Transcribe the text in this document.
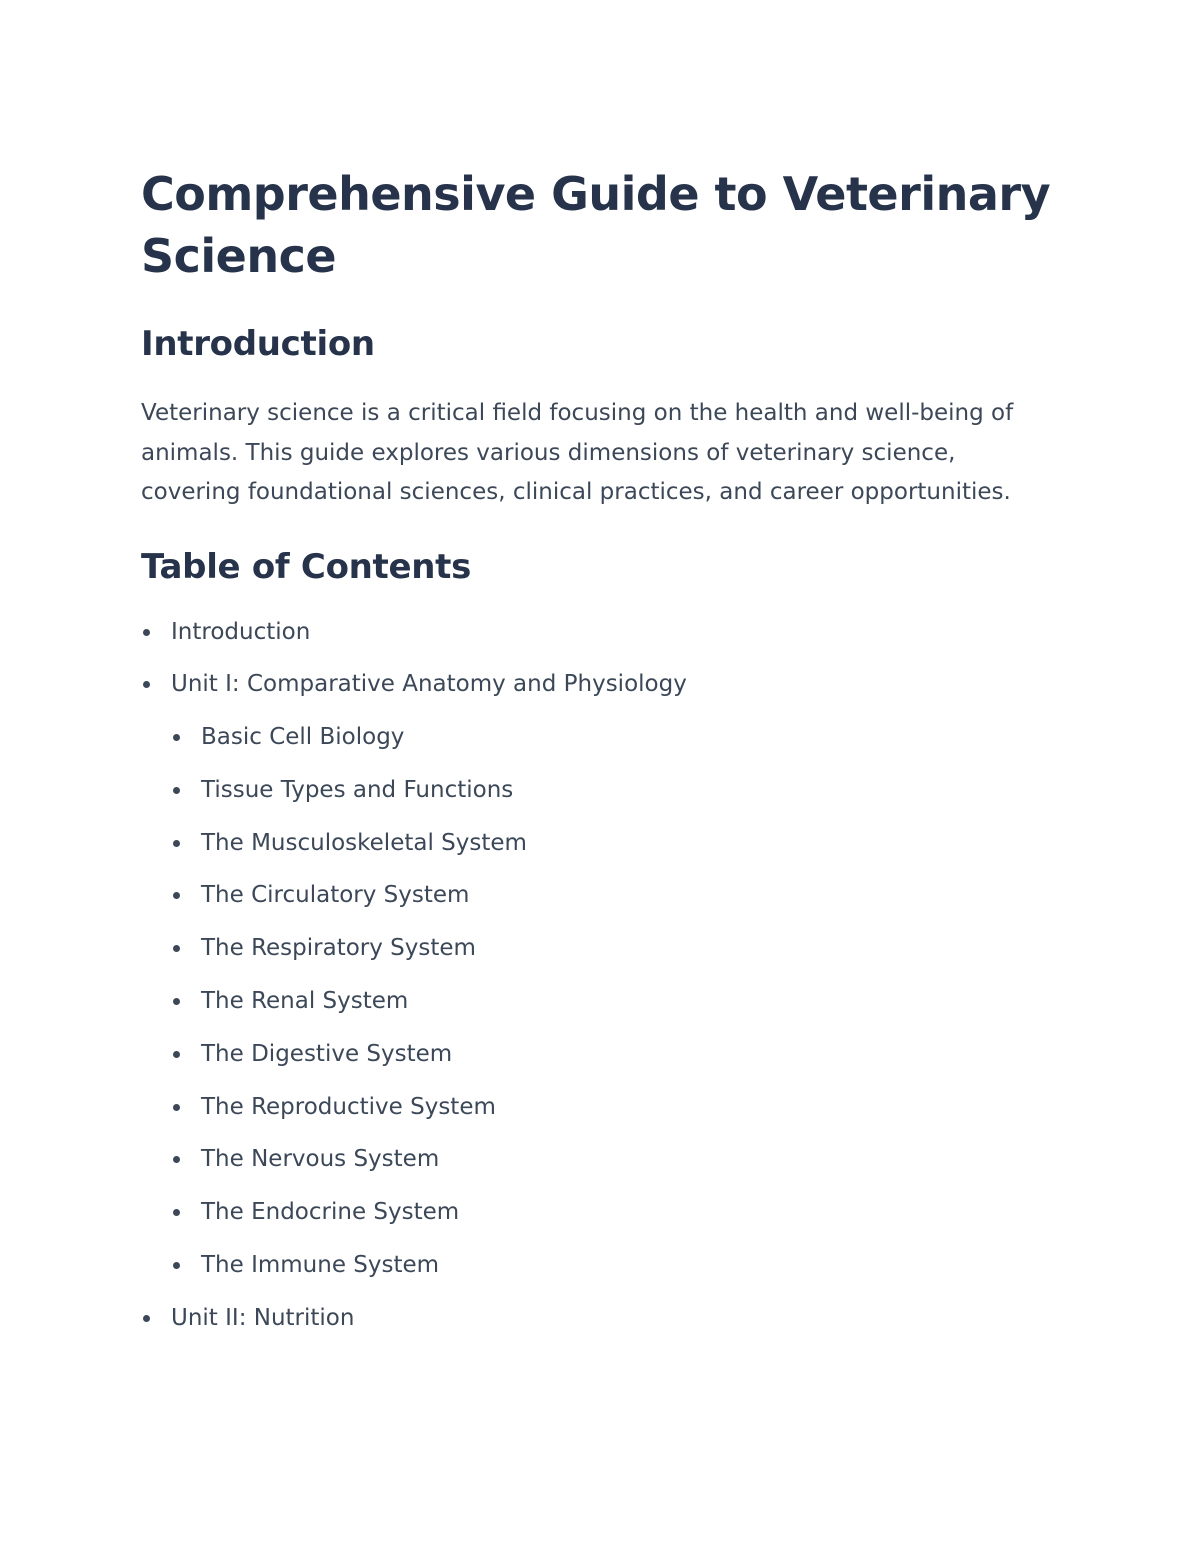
Comprehensive Guide to Veterinary Science
Introduction

Veterinary science is a critical field focusing on the health and well-being of animals. This guide explores various dimensions of veterinary science, covering foundational sciences, clinical practices, and career opportunities.

Table of Contents
Introduction
Unit I: Comparative Anatomy and Physiology
Basic Cell Biology
Tissue Types and Functions
The Musculoskeletal System
The Circulatory System
The Respiratory System
The Renal System
The Digestive System
The Reproductive System
The Nervous System
The Endocrine System
The Immune System
Unit II: Nutrition
